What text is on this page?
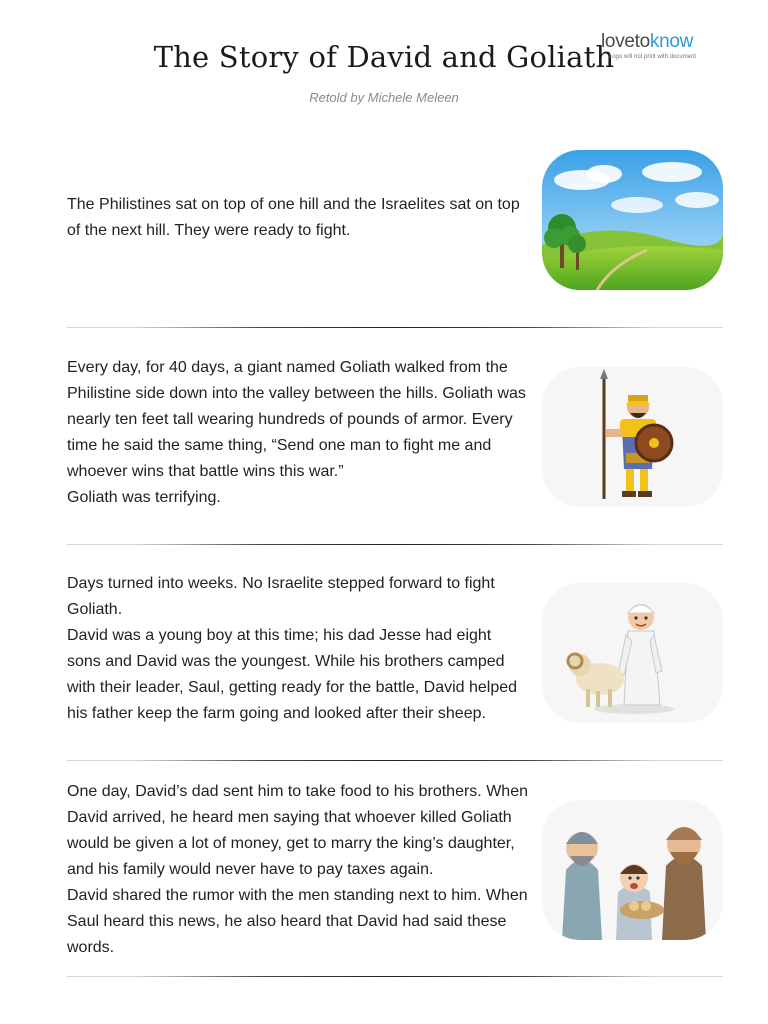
The Story of David and Goliath
Retold by Michele Meleen
lovetoknow
Logo will not print with document

The Philistines sat on top of one hill and the Israelites sat on top of the next hill. They were ready to fight.

Every day, for 40 days, a giant named Goliath walked from the Philistine side down into the valley between the hills. Goliath was nearly ten feet tall wearing hundreds of pounds of armor. Every time he said the same thing, “Send one man to fight me and whoever wins that battle wins this war.”

Goliath was terrifying.

Days turned into weeks. No Israelite stepped forward to fight Goliath.

David was a young boy at this time; his dad Jesse had eight sons and David was the youngest. While his brothers camped with their leader, Saul, getting ready for the battle, David helped his father keep the farm going and looked after their sheep.

One day, David’s dad sent him to take food to his brothers. When David arrived, he heard men saying that whoever killed Goliath would be given a lot of money, get to marry the king’s daughter, and his family would never have to pay taxes again.

David shared the rumor with the men standing next to him. When Saul heard this news, he also heard that David had said these words.
